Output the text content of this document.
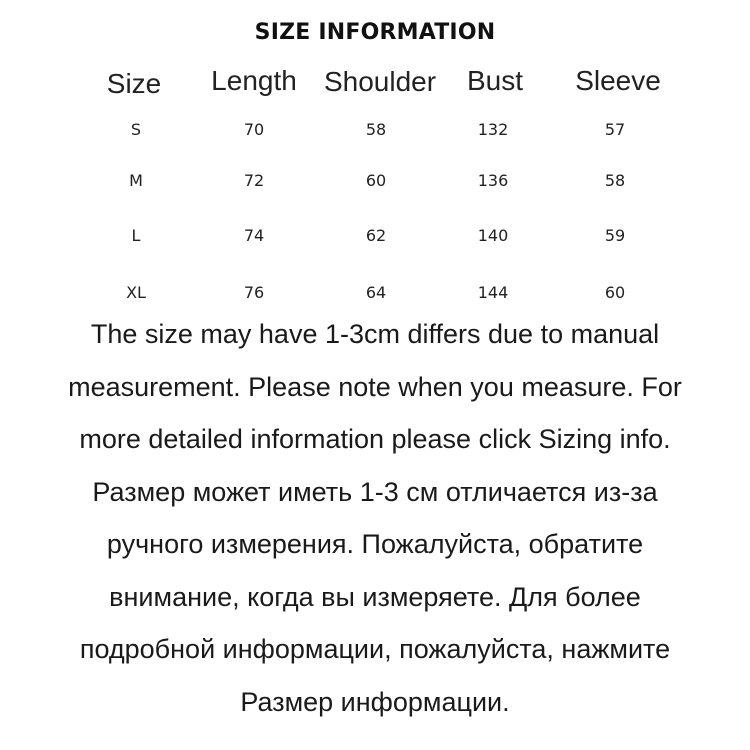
SIZE INFORMATION
Size Length Shoulder Bust Sleeve
S	70	58	132	57
M	72	60	136	58
L	74	62	140	59
XL	76	64	144	60
The size may have 1-3cm differs due to manual
measurement. Please note when you measure. For
more detailed information please click Sizing info.
Размер может иметь 1-3 см отличается из-за
ручного измерения. Пожалуйста, обратите
внимание, когда вы измеряете. Для более
подробной информации, пожалуйста, нажмите
Размер информации.
